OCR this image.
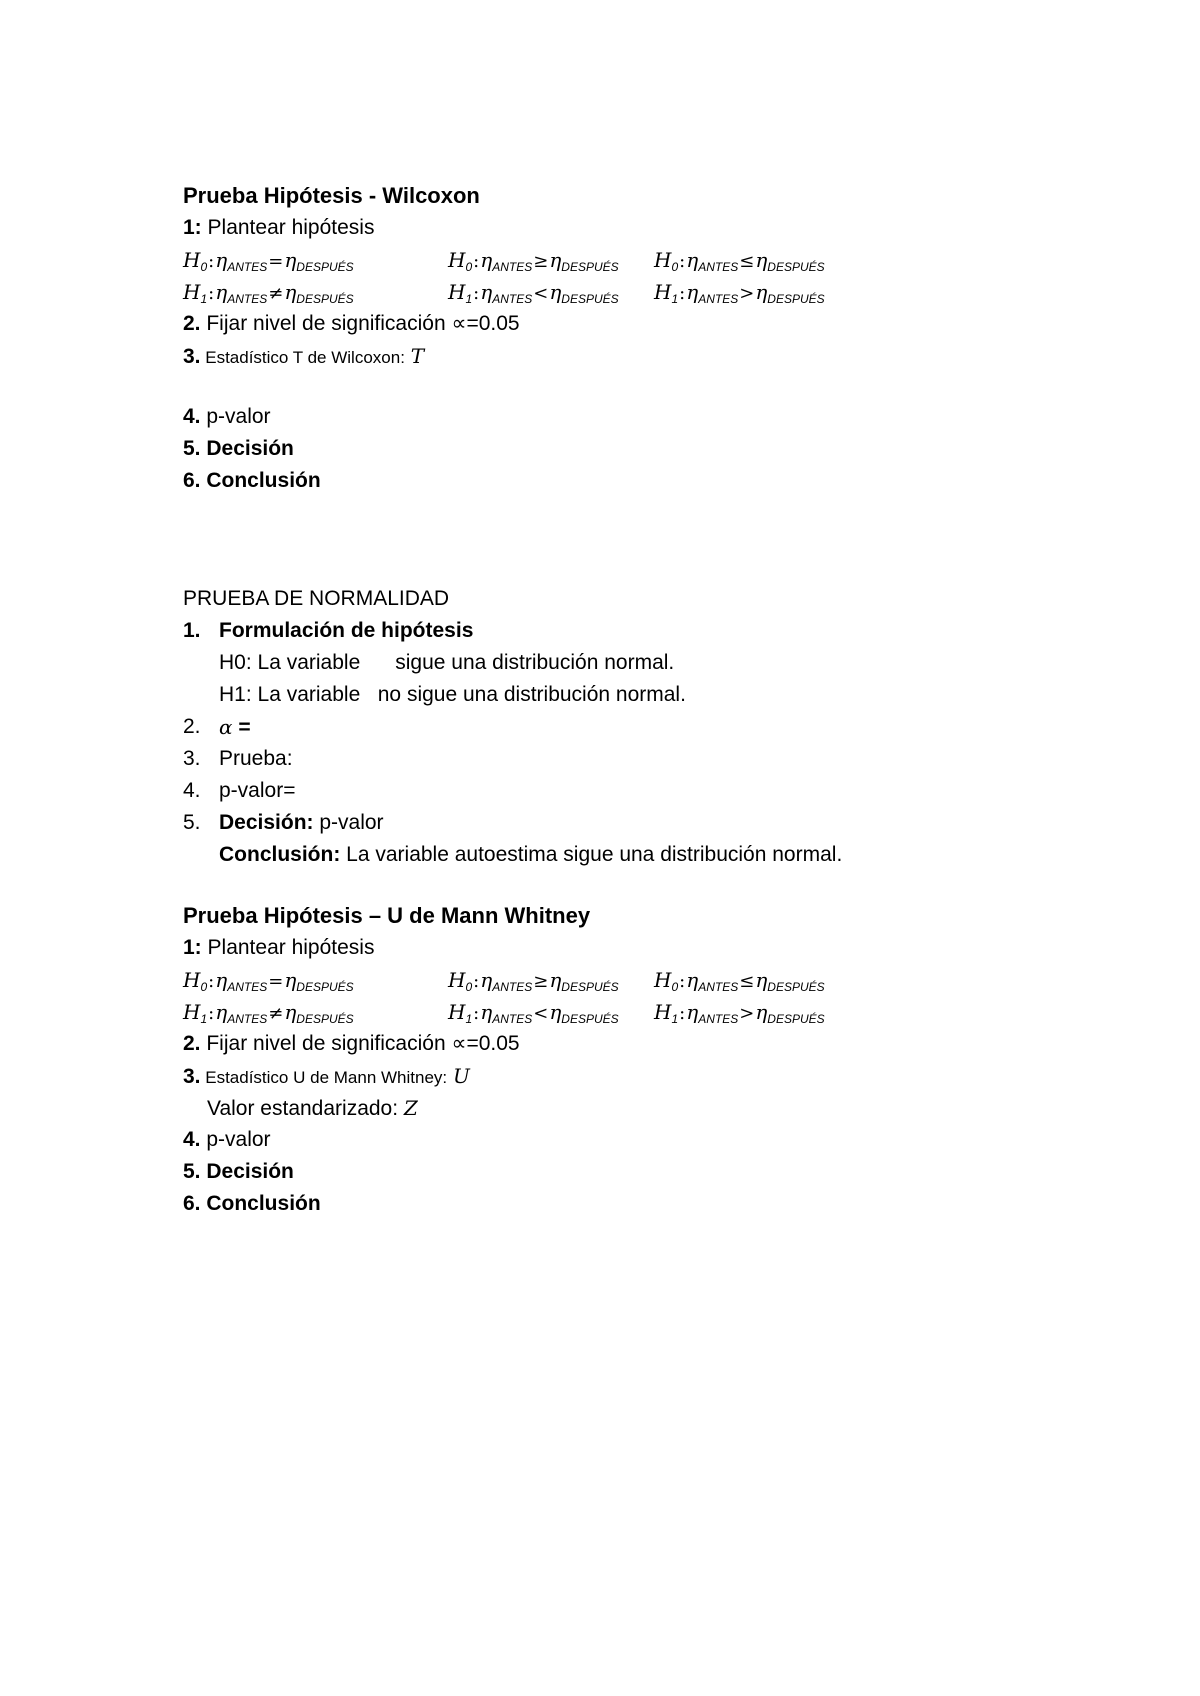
Prueba Hipótesis - Wilcoxon
1: Plantear hipótesis
$H_0:\eta_{ANTES}=\eta_{DESPUÉS}$	$H_0:\eta_{ANTES}\ge\eta_{DESPUÉS}$ $H_0:\eta_{ANTES}\le\eta_{DESPUÉS}$
$H_1:\eta_{ANTES}\ne\eta_{DESPUÉS}$	$H_1:\eta_{ANTES}<\eta_{DESPUÉS}$ $H_1:\eta_{ANTES}>\eta_{DESPUÉS}$
2. Fijar nivel de significación ∝=0.05
3. Estadístico T de Wilcoxon: T
4. p-valor
5. Decisión
6. Conclusión
PRUEBA DE NORMALIDAD
1. Formulación de hipótesis
H0: La variable      sigue una distribución normal.
H1: La variable   no sigue una distribución normal.
2. α =
3. Prueba:
4. p-valor=
5. Decisión: p-valor
Conclusión: La variable autoestima sigue una distribución normal.
Prueba Hipótesis – U de Mann Whitney
1: Plantear hipótesis
$H_0:\eta_{ANTES}=\eta_{DESPUÉS}$	$H_0:\eta_{ANTES}\ge\eta_{DESPUÉS}$ $H_0:\eta_{ANTES}\le\eta_{DESPUÉS}$
$H_1:\eta_{ANTES}\ne\eta_{DESPUÉS}$	$H_1:\eta_{ANTES}<\eta_{DESPUÉS}$ $H_1:\eta_{ANTES}>\eta_{DESPUÉS}$
2. Fijar nivel de significación ∝=0.05
3. Estadístico U de Mann Whitney: U
Valor estandarizado: Z
4. p-valor
5. Decisión
6. Conclusión
